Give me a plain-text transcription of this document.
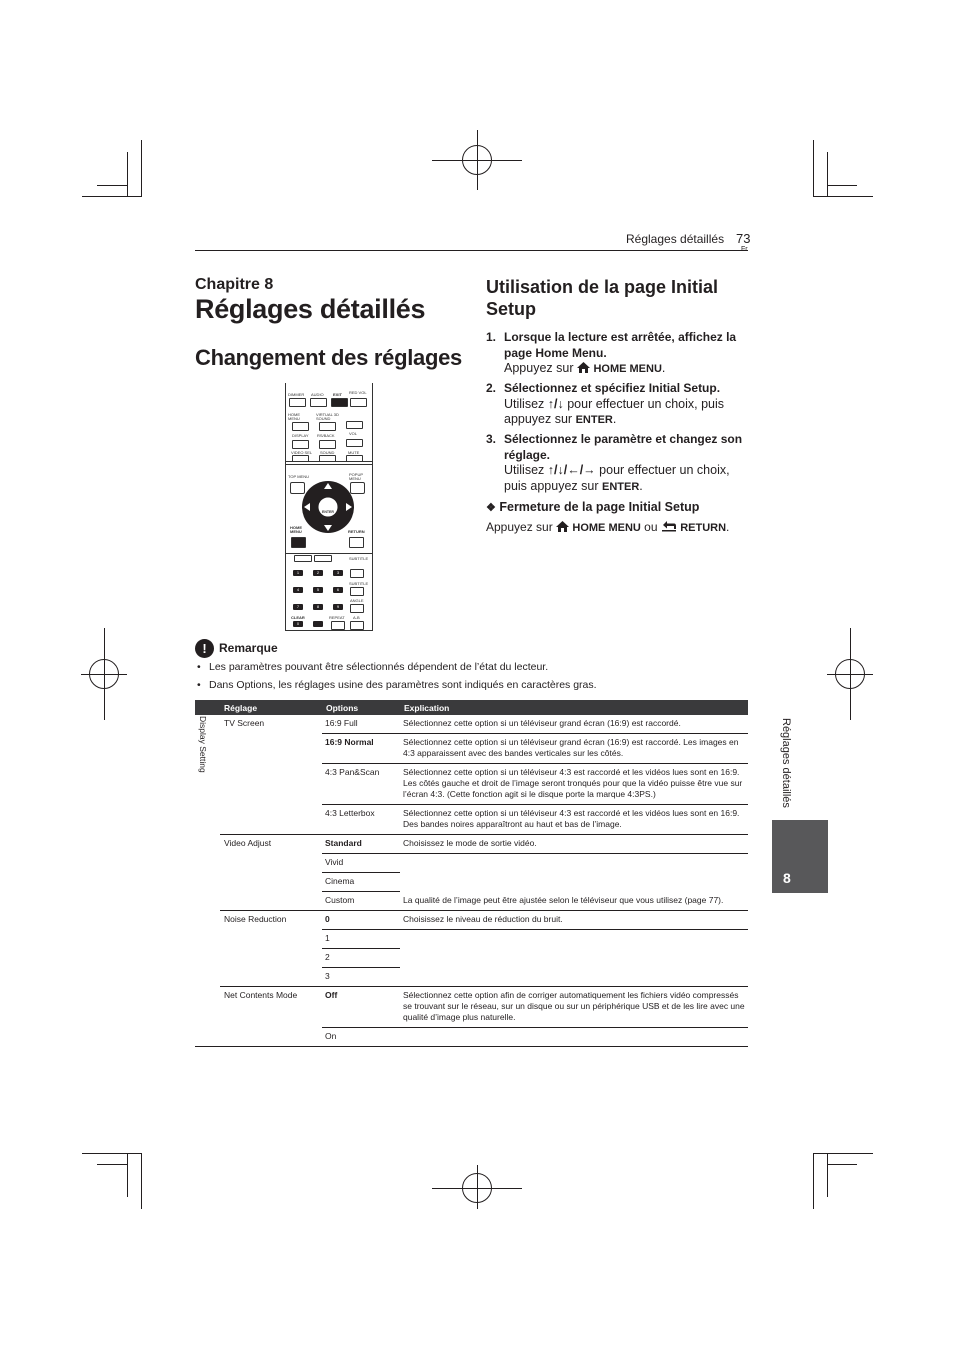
Réglages détaillés 73
Chapitre 8
Réglages détaillés
Changement des réglages
DIMMER AUDIO EXIT RED VOL
HOME MENU
VIRTUAL 3D SOUND
DISPLAY RS/BACK	VOL
VIDEO SEL SOUND	MUTE
TOP MENU	POPUP MENU
ENTER
HOME MENU	RETURN
SUBTITLE
1	2	3
SUBTITLE
4	5	6
ANGLE
7	8	9
CLEAR	REPEAT A-B
0
Utilisation de la page Initial Setup
1. Lorsque la lecture est arrêtée, affichez la page Home Menu.
Appuyez sur  HOME MENU.
2. Sélectionnez et spécifiez Initial Setup.
Utilisez ↑/↓ pour effectuer un choix, puis appuyez sur ENTER.
3. Sélectionnez le paramètre et changez son réglage.
Utilisez ↑/↓/←/→ pour effectuer un choix, puis appuyez sur ENTER.
❖ Fermeture de la page Initial Setup
Appuyez sur  HOME MENU ou  RETURN.
!	Remarque
• Les paramètres pouvant être sélectionnés dépendent de l’état du lecteur.
• Dans Options, les réglages usine des paramètres sont indiqués en caractères gras.
	Réglage	Options	Explication
	TV Screen	16:9 Full	Sélectionnez cette option si un téléviseur grand écran (16:9) est raccordé.
		16:9 Normal	Sélectionnez cette option si un téléviseur grand écran (16:9) est raccordé. Les images en 4:3 apparaissent avec des bandes verticales sur les côtés.
		4:3 Pan&Scan	Sélectionnez cette option si un téléviseur 4:3 est raccordé et les vidéos lues sont en 16:9. Les côtés gauche et droit de l’image seront tronqués pour que la vidéo puisse être vue sur l’écran 4:3. (Cette fonction agit si le disque porte la marque 4:3PS.)
		4:3 Letterbox	Sélectionnez cette option si un téléviseur 4:3 est raccordé et les vidéos lues sont en 16:9. Des bandes noires apparaîtront au haut et bas de l’image.
	Video Adjust	Standard	Choisissez le mode de sortie vidéo.
		Vivid	
		Cinema	
		Custom	La qualité de l’image peut être ajustée selon le téléviseur que vous utilisez (page 77).
	Noise Reduction	0	Choisissez le niveau de réduction du bruit.
		1	
		2	
		3	
	Net Contents Mode	Off	Sélectionnez cette option afin de corriger automatiquement les fichiers vidéo compressés se trouvant sur le réseau, sur un disque ou sur un périphérique USB et de les lire avec une qualité d’image plus naturelle.
		On	
Display Setting	Réglages détaillés
8
